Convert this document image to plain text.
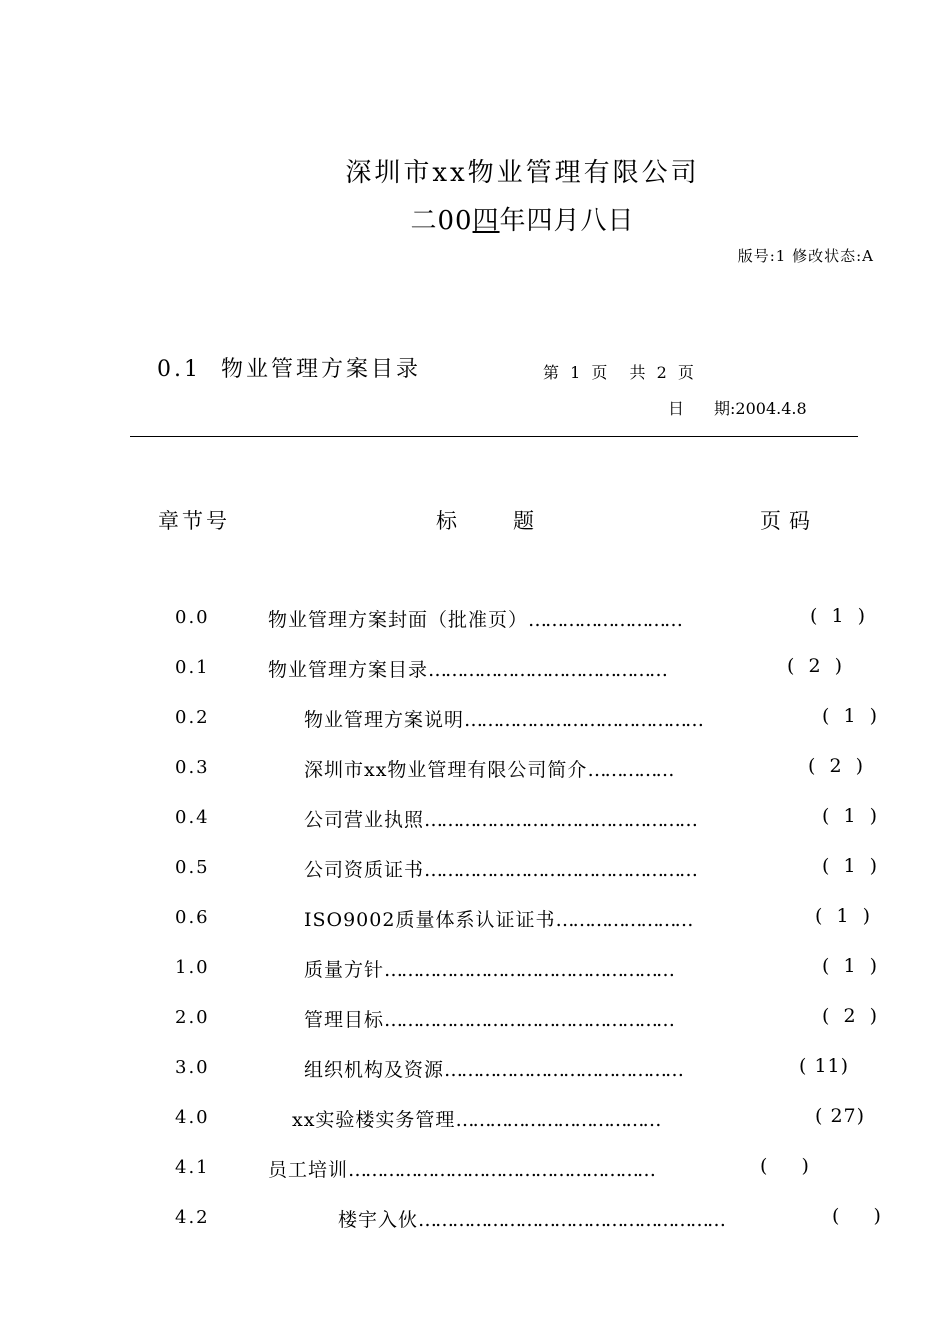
深圳市xx物业管理有限公司
二00四年四月八日
版号:1 修改状态:A
0.1  物业管理方案目录	第 1 页  共 2 页
日 期:2004.4.8
章节号	标	题	页码
0.0	物业管理方案封面（批准页）………………………	( 1 )
0.1	物业管理方案目录……………………………………	( 2 )
0.2	物业管理方案说明……………………………………	( 1 )
0.3	深圳市xx物业管理有限公司简介……………	( 2 )
0.4	公司营业执照…………………………………………	( 1 )
0.5	公司资质证书…………………………………………	( 1 )
0.6	ISO9002质量体系认证证书……………………	( 1 )
1.0	质量方针……………………………………………	( 1 )
2.0	管理目标……………………………………………	( 2 )
3.0	组织机构及资源……………………………………	( 11)
4.0	xx实验楼实务管理………………………………	( 27)
4.1	员工培训………………………………………………	(   )
4.2	楼宇入伙………………………………………………	(   )
